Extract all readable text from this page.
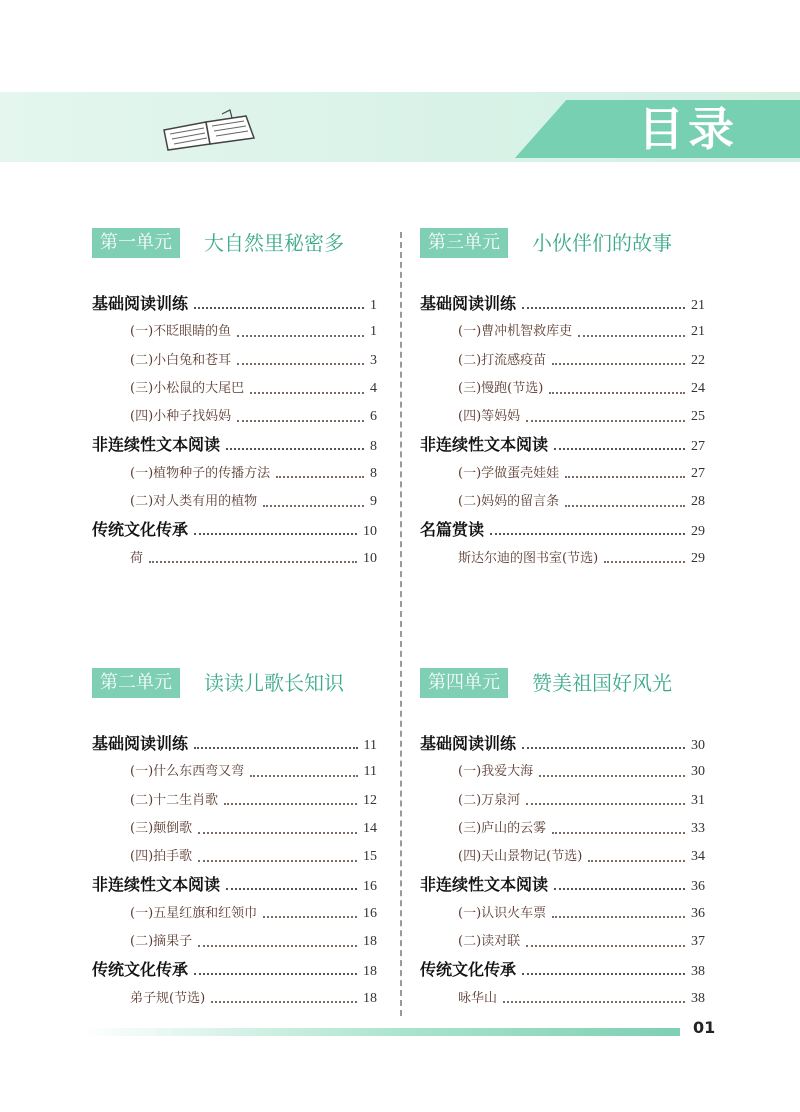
目录
第一单元	大自然里秘密多
基础阅读训练	1
(一)不眨眼睛的鱼	1
(二)小白兔和苍耳	3
(三)小松鼠的大尾巴	4
(四)小种子找妈妈	6
非连续性文本阅读	8
(一)植物种子的传播方法	8
(二)对人类有用的植物	9
传统文化传承	10
荷	10
第二单元	读读儿歌长知识
基础阅读训练	11
(一)什么东西弯又弯	11
(二)十二生肖歌	12
(三)颠倒歌	14
(四)拍手歌	15
非连续性文本阅读	16
(一)五星红旗和红领巾	16
(二)摘果子	18
传统文化传承	18
弟子规(节选)	18
第三单元	小伙伴们的故事
基础阅读训练	21
(一)曹冲机智救库吏	21
(二)打流感疫苗	22
(三)慢跑(节选)	24
(四)等妈妈	25
非连续性文本阅读	27
(一)学做蛋壳娃娃	27
(二)妈妈的留言条	28
名篇赏读	29
斯达尔迪的图书室(节选)	29
第四单元	赞美祖国好风光
基础阅读训练	30
(一)我爱大海	30
(二)万泉河	31
(三)庐山的云雾	33
(四)天山景物记(节选)	34
非连续性文本阅读	36
(一)认识火车票	36
(二)读对联	37
传统文化传承	38
咏华山	38
01
